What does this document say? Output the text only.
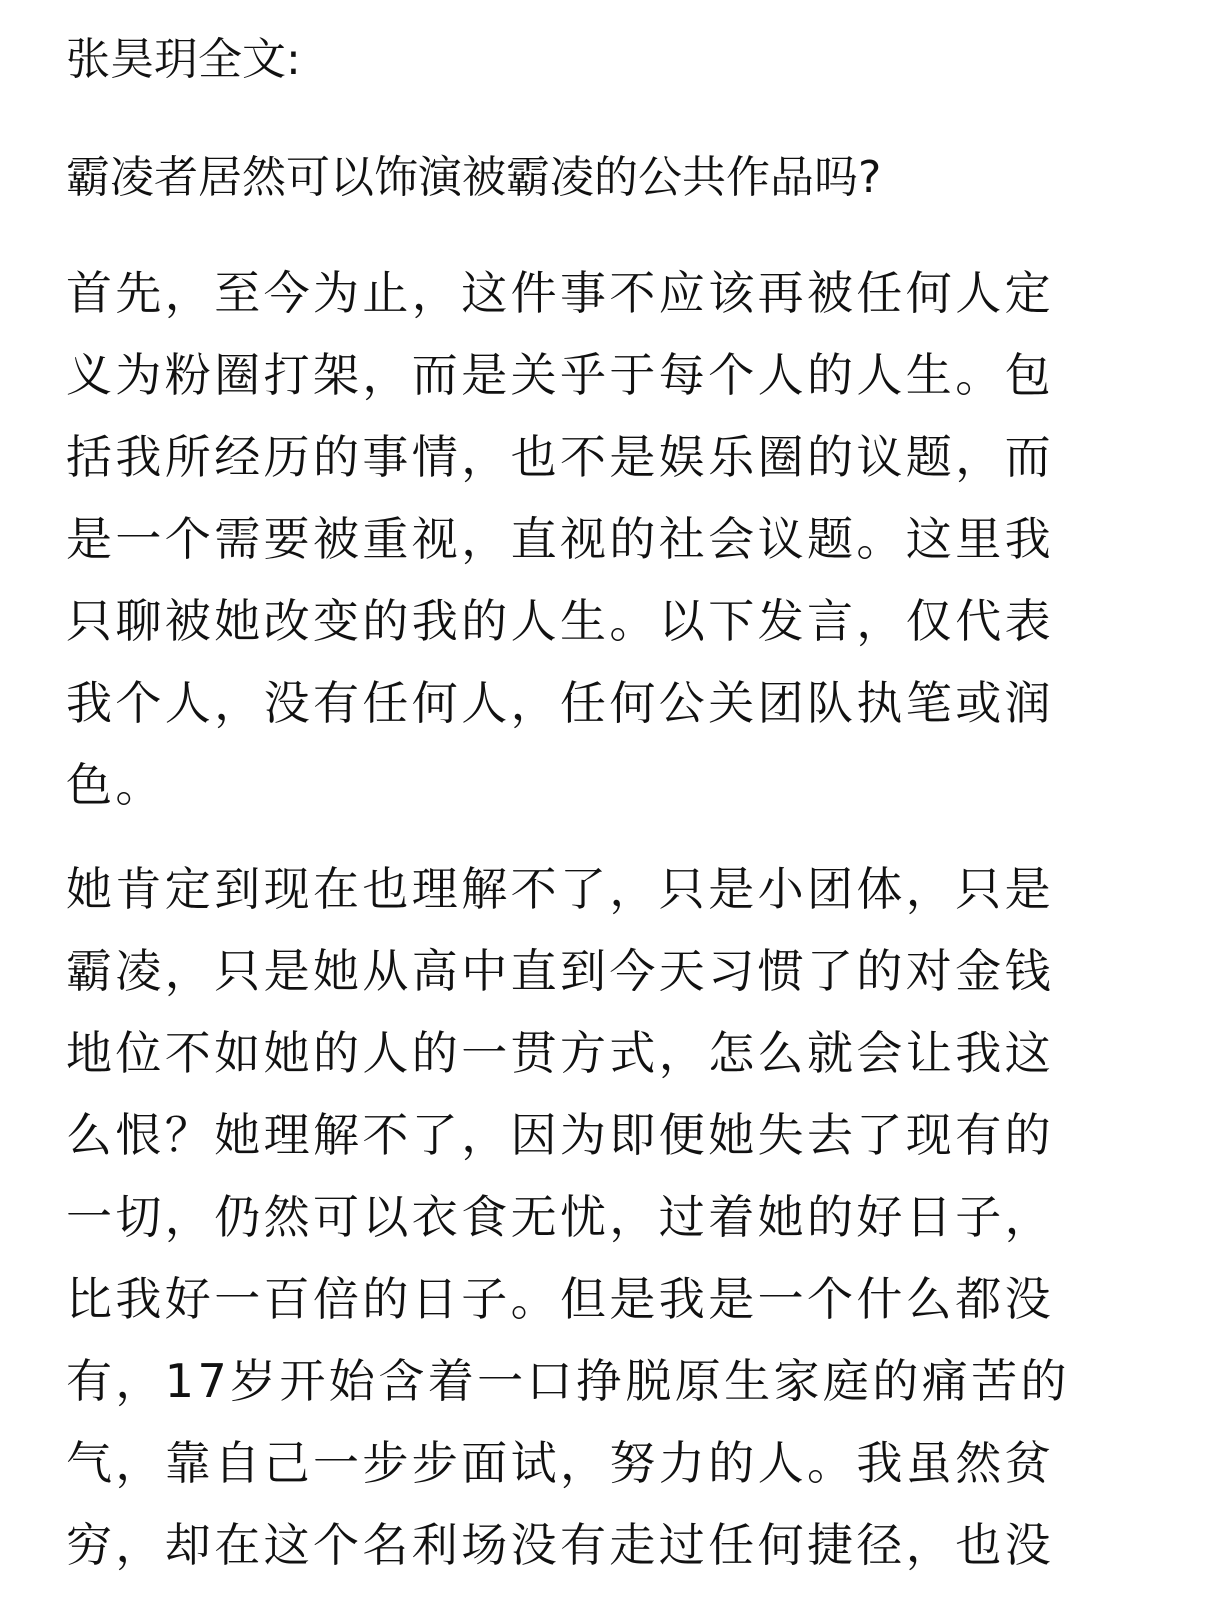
张昊玥全文:
霸凌者居然可以饰演被霸凌的公共作品吗?
首先，至今为止，这件事不应该再被任何人定
义为粉圈打架，而是关乎于每个人的人生。包
括我所经历的事情，也不是娱乐圈的议题，而
是一个需要被重视，直视的社会议题。这里我
只聊被她改变的我的人生。以下发言，仅代表
我个人，没有任何人，任何公关团队执笔或润
色。
她肯定到现在也理解不了，只是小团体，只是
霸凌，只是她从高中直到今天习惯了的对金钱
地位不如她的人的一贯方式，怎么就会让我这
么恨？她理解不了，因为即便她失去了现有的
一切，仍然可以衣食无忧，过着她的好日子，
比我好一百倍的日子。但是我是一个什么都没
有，17岁开始含着一口挣脱原生家庭的痛苦的
气，靠自己一步步面试，努力的人。我虽然贫
穷，却在这个名利场没有走过任何捷径，也没
